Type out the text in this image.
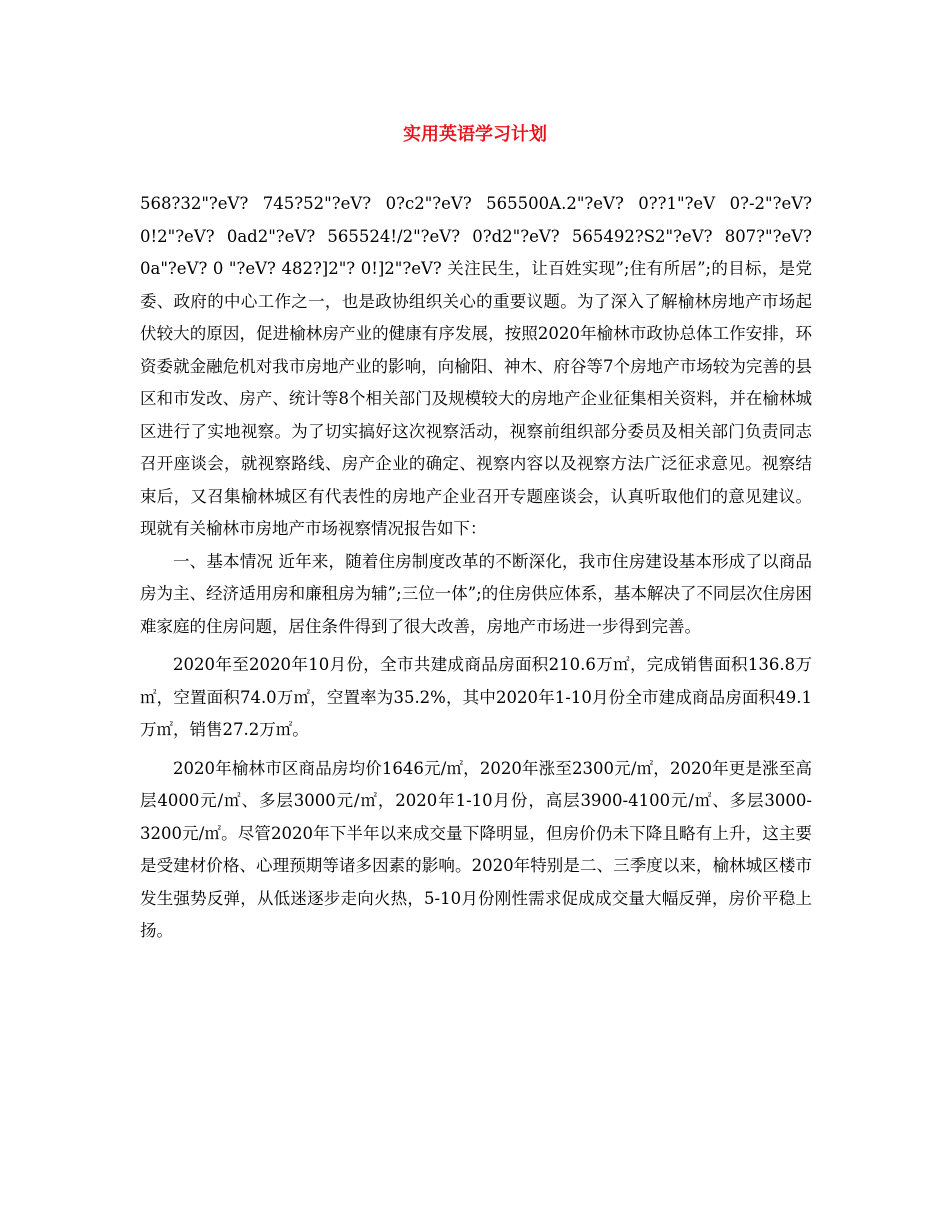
实用英语学习计划

568?32"?eV? 745?52"?eV? 0?c2"?eV? 565500A.2"?eV? 0??1"?eV 0?-2"?eV? 0!2"?eV? 0ad2"?eV? 565524!/2"?eV? 0?d2"?eV? 565492?S2"?eV? 807?"?eV? 0a"?eV? 0 "?eV? 482?]2"? 0!]2"?eV? 关注民生，让百姓实现”;住有所居”;的目标，是党委、政府的中心工作之一，也是政协组织关心的重要议题。为了深入了解榆林房地产市场起伏较大的原因，促进榆林房产业的健康有序发展，按照2020年榆林市政协总体工作安排，环资委就金融危机对我市房地产业的影响，向榆阳、神木、府谷等7个房地产市场较为完善的县区和市发改、房产、统计等8个相关部门及规模较大的房地产企业征集相关资料，并在榆林城区进行了实地视察。为了切实搞好这次视察活动，视察前组织部分委员及相关部门负责同志召开座谈会，就视察路线、房产企业的确定、视察内容以及视察方法广泛征求意见。视察结束后，又召集榆林城区有代表性的房地产企业召开专题座谈会，认真听取他们的意见建议。现就有关榆林市房地产市场视察情况报告如下：

一、基本情况 近年来，随着住房制度改革的不断深化，我市住房建设基本形成了以商品房为主、经济适用房和廉租房为辅”;三位一体”;的住房供应体系，基本解决了不同层次住房困难家庭的住房问题，居住条件得到了很大改善，房地产市场进一步得到完善。

2020年至2020年10月份，全市共建成商品房面积210.6万㎡，完成销售面积136.8万㎡，空置面积74.0万㎡，空置率为35.2%，其中2020年1-10月份全市建成商品房面积49.1万㎡，销售27.2万㎡。

2020年榆林市区商品房均价1646元/㎡，2020年涨至2300元/㎡，2020年更是涨至高层4000元/㎡、多层3000元/㎡，2020年1-10月份，高层3900-4100元/㎡、多层3000-3200元/㎡。尽管2020年下半年以来成交量下降明显，但房价仍未下降且略有上升，这主要是受建材价格、心理预期等诸多因素的影响。2020年特别是二、三季度以来，榆林城区楼市发生强势反弹，从低迷逐步走向火热，5-10月份刚性需求促成成交量大幅反弹，房价平稳上扬。
